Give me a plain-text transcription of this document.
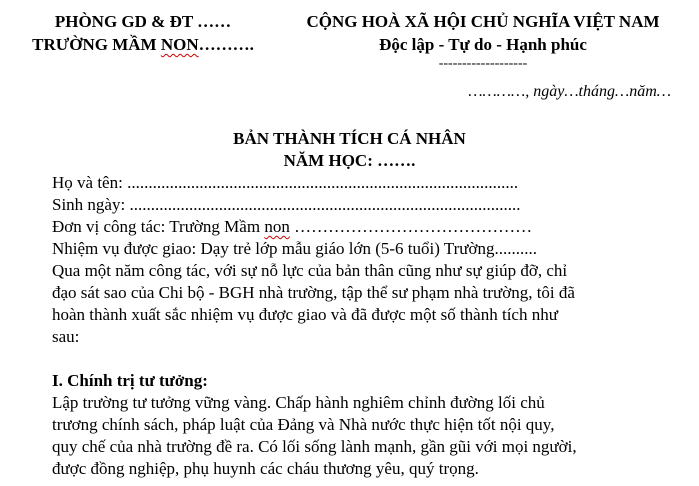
PHÒNG GD & ĐT ……
TRƯỜNG MẦM NON……….
CỘNG HOÀ XÃ HỘI CHỦ NGHĨA VIỆT NAM
Độc lập - Tự do - Hạnh phúc
-------------------
…………, ngày…tháng…năm…
BẢN THÀNH TÍCH CÁ NHÂN
NĂM HỌC: …….
Họ và tên: ............................................................................................
Sinh ngày: ............................................................................................
Đơn vị công tác: Trường Mầm non ……………………………………
Nhiệm vụ được giao: Dạy trẻ lớp mẫu giáo lớn (5-6 tuổi) Trường..........
Qua một năm công tác, với sự nỗ lực của bản thân cũng như sự giúp đỡ, chỉ
đạo sát sao của Chi bộ - BGH nhà trường, tập thể sư phạm nhà trường, tôi đã
hoàn thành xuất sắc nhiệm vụ được giao và đã được một số thành tích như
sau:
I. Chính trị tư tưởng:
Lập trường tư tưởng vững vàng. Chấp hành nghiêm chỉnh đường lối chủ
trương chính sách, pháp luật của Đảng và Nhà nước thực hiện tốt nội quy,
quy chế của nhà trường đề ra. Có lối sống lành mạnh, gần gũi với mọi người,
được đồng nghiệp, phụ huynh các cháu thương yêu, quý trọng.
